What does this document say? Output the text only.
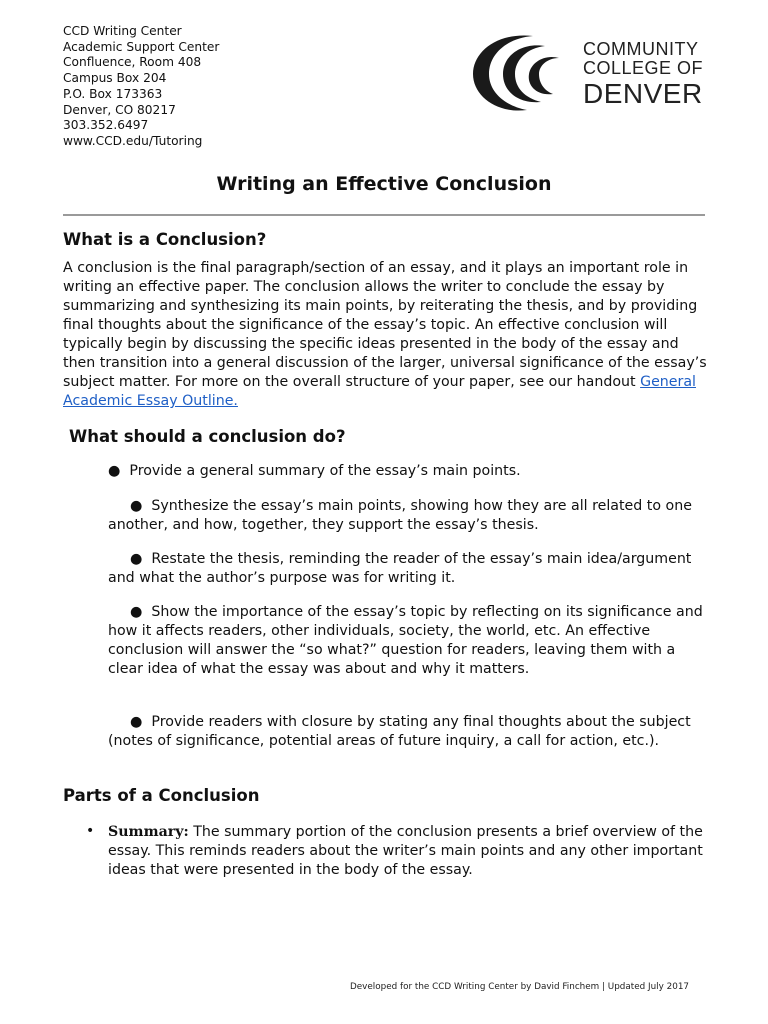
CCD Writing Center
Academic Support Center
Confluence, Room 408
Campus Box 204
P.O. Box 173363
Denver, CO 80217
303.352.6497
www.CCD.edu/Tutoring
COMMUNITY
COLLEGE OF
DENVER
Writing an Effective Conclusion
What is a Conclusion?

A conclusion is the final paragraph/section of an essay, and it plays an important role in writing an effective paper. The conclusion allows the writer to conclude the essay by summarizing and synthesizing its main points, by reiterating the thesis, and by providing final thoughts about the significance of the essay’s topic. An effective conclusion will typically begin by discussing the specific ideas presented in the body of the essay and then transition into a general discussion of the larger, universal significance of the essay’s subject matter. For more on the overall structure of your paper, see our handout General Academic Essay Outline.

What should a conclusion do?

●  Provide a general summary of the essay’s main points.

●  Synthesize the essay’s main points, showing how they are all related to one another, and how, together, they support the essay’s thesis.

●  Restate the thesis, reminding the reader of the essay’s main idea/argument and what the author’s purpose was for writing it.

●  Show the importance of the essay’s topic by reflecting on its significance and how it affects readers, other individuals, society, the world, etc. An effective conclusion will answer the “so what?” question for readers, leaving them with a clear idea of what the essay was about and why it matters.

●  Provide readers with closure by stating any final thoughts about the subject (notes of significance, potential areas of future inquiry, a call for action, etc.).

Parts of a Conclusion
• Summary: The summary portion of the conclusion presents a brief overview of the essay. This reminds readers about the writer’s main points and any other important ideas that were presented in the body of the essay.

Developed for the CCD Writing Center by David Finchem | Updated July 2017
